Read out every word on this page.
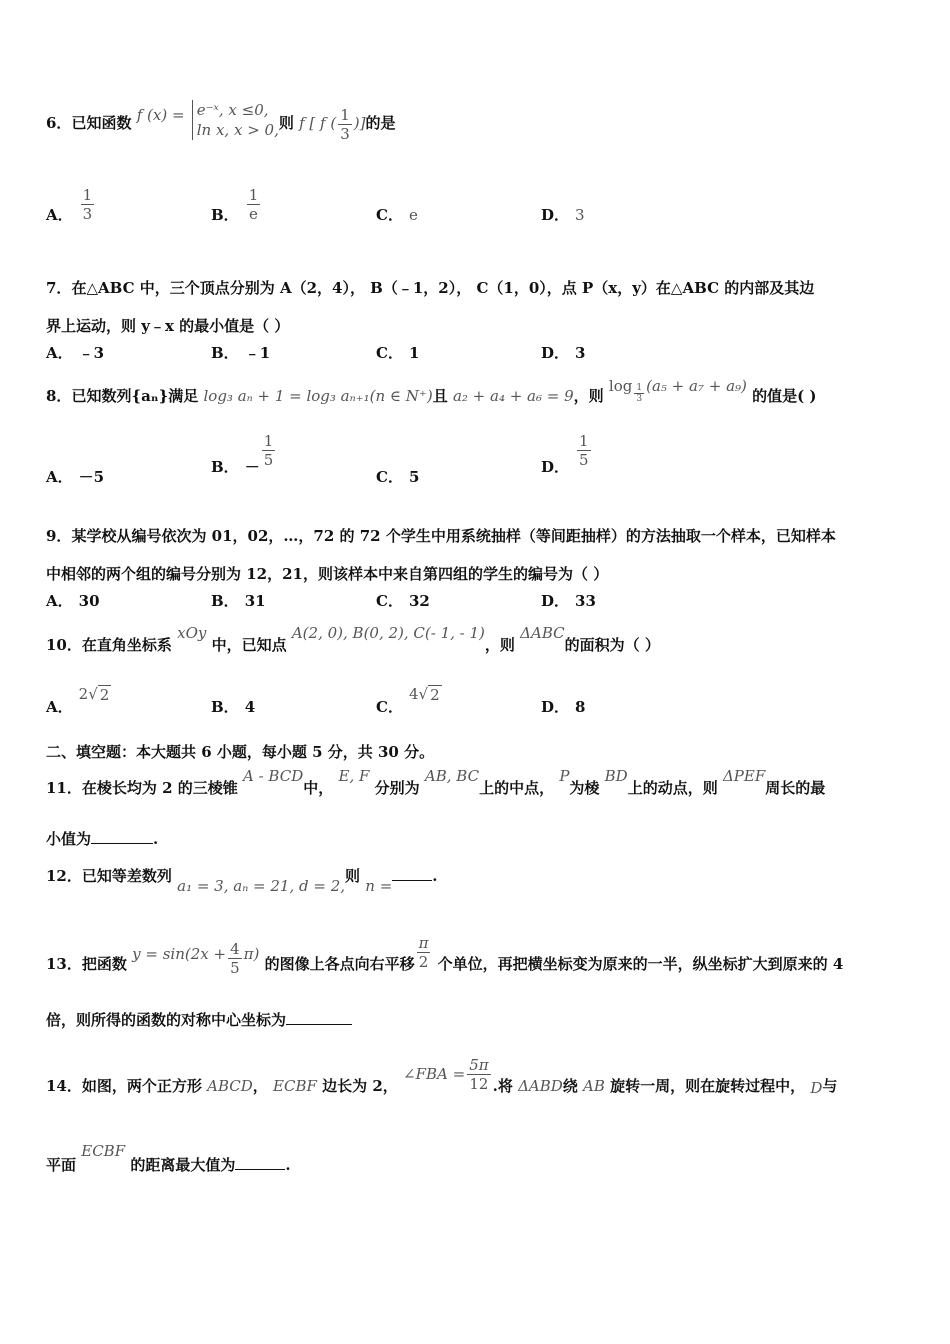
6．已知函数 f (x) = e⁻ˣ, x ≤0,
ln x, x > 0, 则 f [ f ( $\frac{1}{3}$ )]的是
A． $\frac{1}{3}$	B． $\frac{1}{e}$	C． e	D． 3
7．在△ABC 中，三个顶点分别为 A（2，4）， B（﹣1，2）， C（1，0），点 P（x，y）在△ABC 的内部及其边
界上运动，则 y﹣x 的最小值是（ ）
A． ﹣3	B． ﹣1	C． 1	D． 3
8．已知数列{aₙ}满足 log₃ aₙ + 1 = log₃ aₙ₊₁(n ∈ N⁺)且 a₂ + a₄ + a₆ = 9，则 $\log \frac{1}{3} (a_5 + a_7 + a_9)$ 的值是( )
A． －5
B． － $\frac{1}{5}$
C． 5
D． $\frac{1}{5}$
9．某学校从编号依次为 01，02，…，72 的 72 个学生中用系统抽样（等间距抽样）的方法抽取一个样本，已知样本
中相邻的两个组的编号分别为 12，21，则该样本中来自第四组的学生的编号为（ ）
A． 30	B． 31	C． 32	D． 33
10．在直角坐标系 xOy 中，已知点 A(2, 0), B(0, 2), C(- 1, - 1)，则 ΔABC的面积为（ ）
A．
2 √ 2
B． 4	C．
4 √ 2
D． 8
二、填空题：本大题共 6 小题，每小题 5 分，共 30 分。
11．在棱长均为 2 的三棱锥 A - BCD中， E, F 分别为 AB, BC上的中点， P为棱 BD上的动点，则 ΔPEF周长的最
小值为	.
12．已知等差数列 a₁ = 3, aₙ = 21, d = 2,则 n =.
13．把函数 $y = \sin(2x + \frac{4}{5} \pi)$ 的图像上各点向右平移 $\frac{\pi}{2}$ 个单位，再把横坐标变为原来的一半，纵坐标扩大到原来的 4
倍，则所得的函数的对称中心坐标为
14．如图，两个正方形 ABCD， ECBF 边长为 2， ∠FBA = $\frac{5\pi}{12}$ .将 ΔABD绕 AB 旋转一周，则在旋转过程中， D与
平面 ECBF 的距离最大值为	.
